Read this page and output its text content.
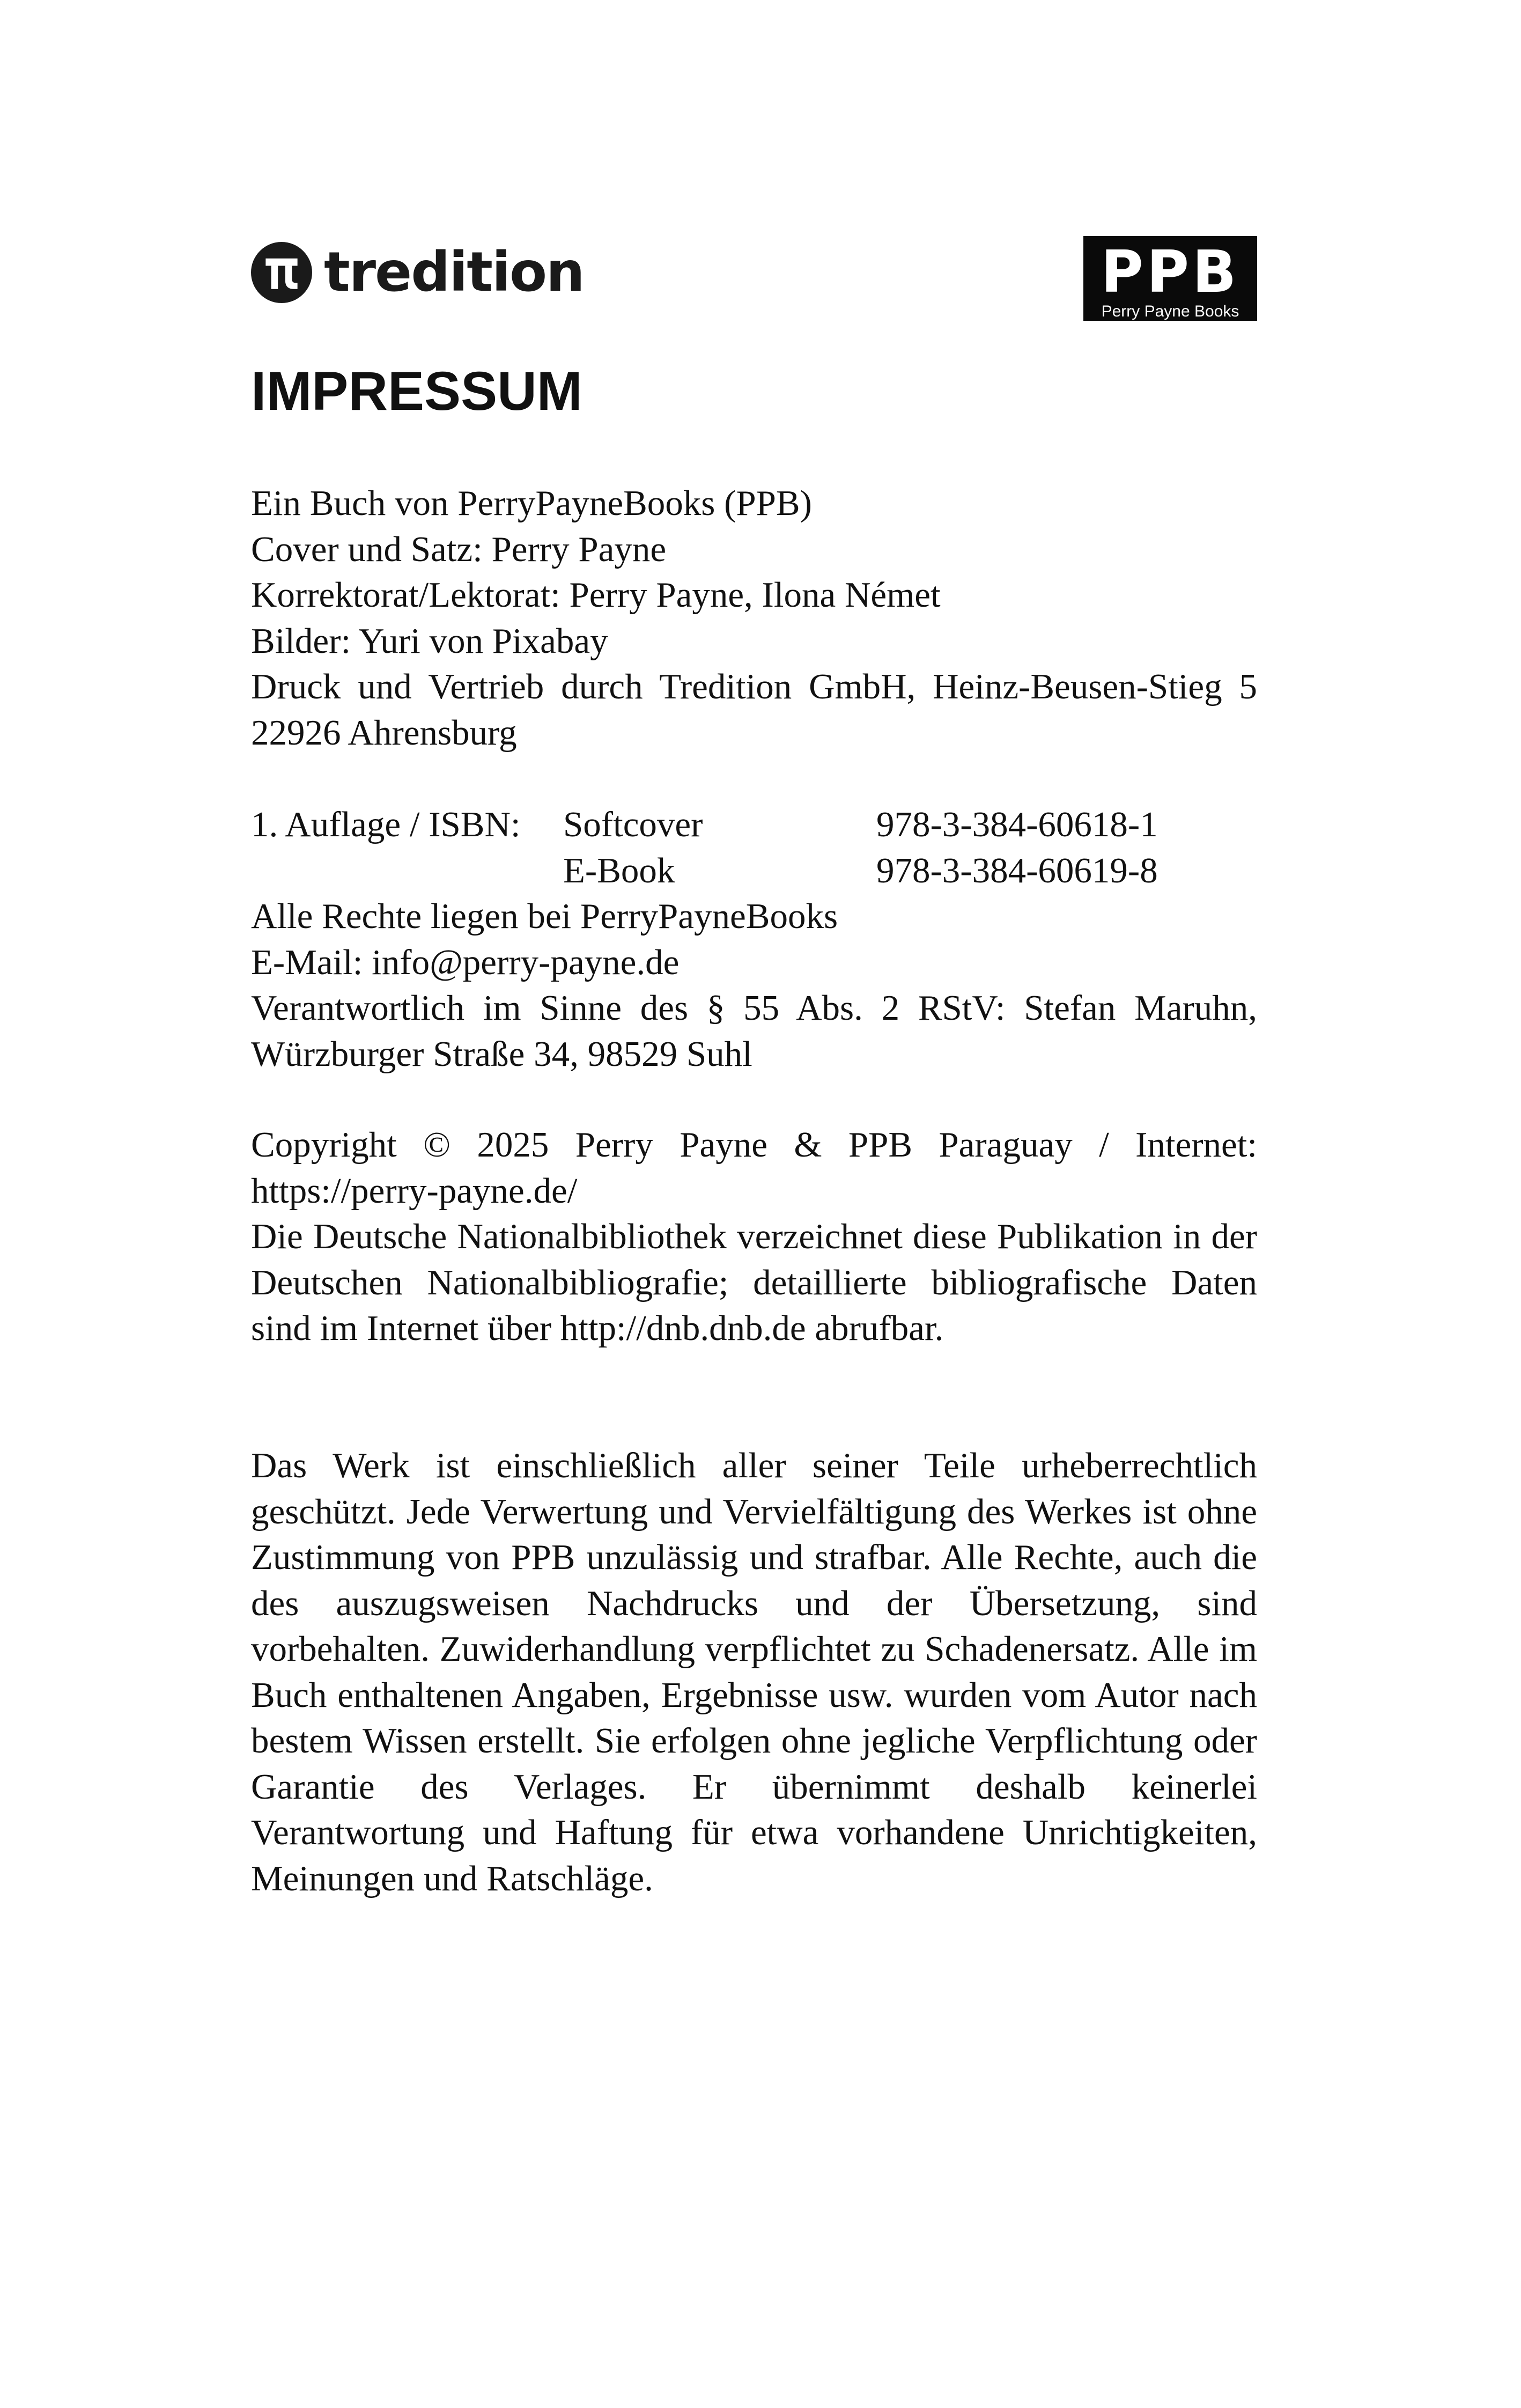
tredition	PPB
Perry Payne Books
IMPRESSUM

Ein Buch von PerryPayneBooks (PPB)

Cover und Satz: Perry Payne

Korrektorat/Lektorat: Perry Payne, Ilona Német

Bilder: Yuri von Pixabay

Druck und Vertrieb durch Tredition GmbH, Heinz-Beusen-Stieg 5 22926 Ahrensburg

1. Auflage / ISBN:	Softcover	978-3-384-60618-1
E-Book	978-3-384-60619-8

Alle Rechte liegen bei PerryPayneBooks

E-Mail: info@perry-payne.de

Verantwortlich im Sinne des § 55 Abs. 2 RStV: Stefan Maruhn, Würzburger Straße 34, 98529 Suhl

Copyright © 2025 Perry Payne & PPB Paraguay / Internet: https://perry-payne.de/

Die Deutsche Nationalbibliothek verzeichnet diese Publikation in der Deutschen Nationalbibliografie; detaillierte bibliografische Daten sind im Internet über http://dnb.dnb.de abrufbar.

Das Werk ist einschließlich aller seiner Teile urheberrechtlich geschützt. Jede Verwertung und Vervielfältigung des Werkes ist ohne Zustimmung von PPB unzulässig und strafbar. Alle Rechte, auch die des auszugsweisen Nachdrucks und der Übersetzung, sind vorbehalten. Zuwiderhandlung verpflichtet zu Schadenersatz. Alle im Buch enthaltenen Angaben, Ergebnisse usw. wurden vom Autor nach bestem Wissen erstellt. Sie erfolgen ohne jegliche Verpflichtung oder Garantie des Verlages. Er übernimmt deshalb keinerlei Verantwortung und Haftung für etwa vorhandene Unrichtigkeiten, Meinungen und Ratschläge.
